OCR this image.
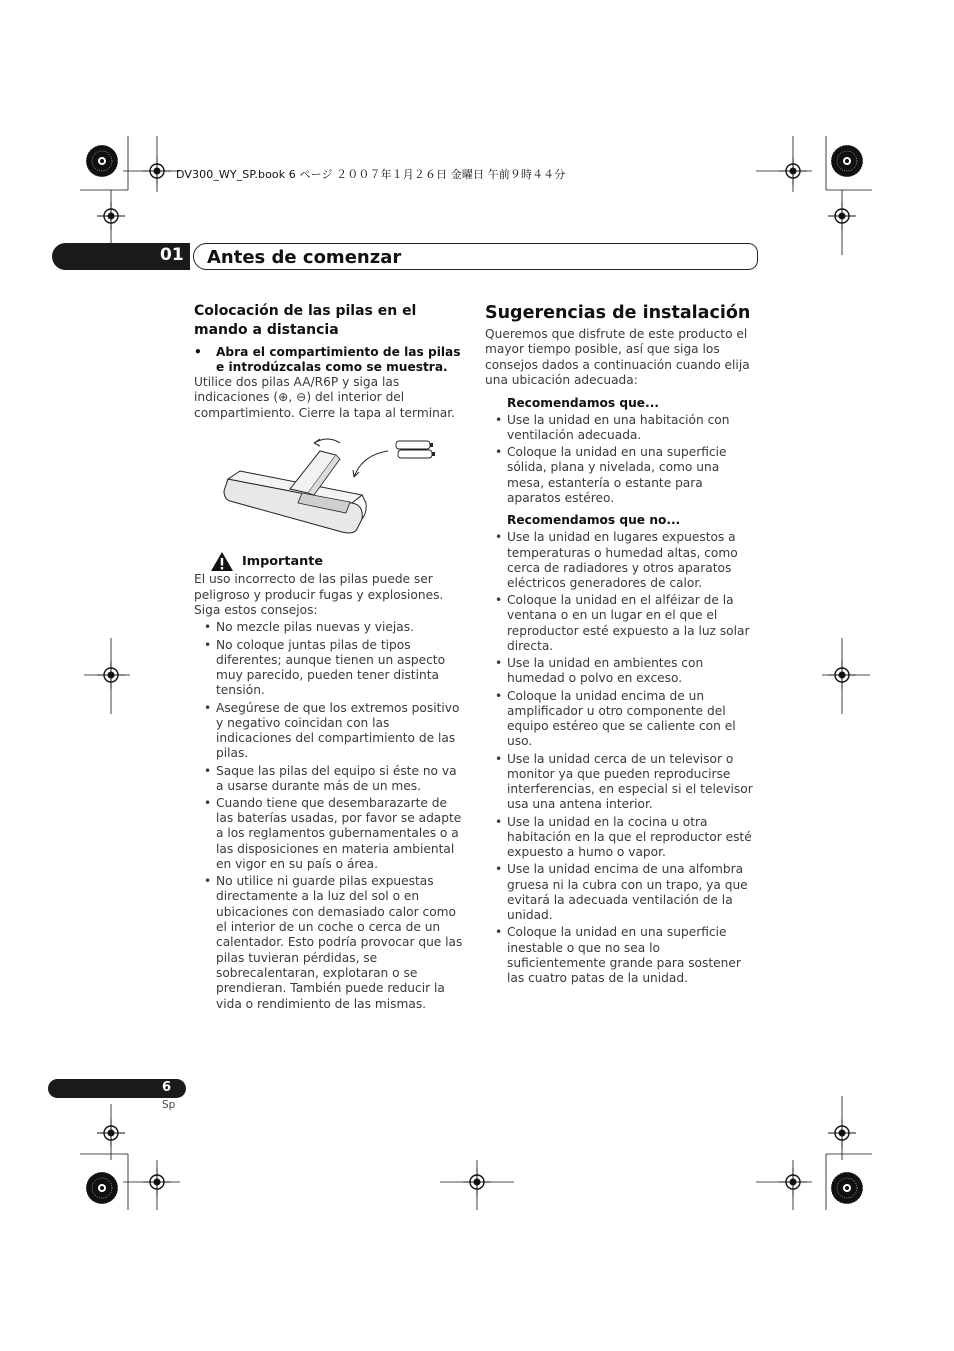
DV300_WY_SP.book 6 ページ ２００７年１月２６日 金曜日 午前９時４４分
01 Antes de comenzar
Colocación de las pilas en el mando a distancia
•	Abra el compartimiento de las pilas e introdúzcalas como se muestra.

Utilice dos pilas AA/R6P y siga las indicaciones (⊕, ⊖) del interior del compartimiento. Cierre la tapa al terminar.

Importante

El uso incorrecto de las pilas puede ser peligroso y producir fugas y explosiones. Siga estos consejos:

• No mezcle pilas nuevas y viejas.
• No coloque juntas pilas de tipos diferentes; aunque tienen un aspecto muy parecido, pueden tener distinta tensión.
• Asegúrese de que los extremos positivo y negativo coincidan con las indicaciones del compartimiento de las pilas.
• Saque las pilas del equipo si éste no va a usarse durante más de un mes.
• Cuando tiene que desembarazarte de las baterías usadas, por favor se adapte a los reglamentos gubernamentales o a las disposiciones en materia ambiental en vigor en su país o área.
• No utilice ni guarde pilas expuestas directamente a la luz del sol o en ubicaciones con demasiado calor como el interior de un coche o cerca de un calentador. Esto podría provocar que las pilas tuvieran pérdidas, se sobrecalentaran, explotaran o se prendieran. También puede reducir la vida o rendimiento de las mismas.
Sugerencias de instalación

Queremos que disfrute de este producto el mayor tiempo posible, así que siga los consejos dados a continuación cuando elija una ubicación adecuada:

Recomendamos que...
• Use la unidad en una habitación con ventilación adecuada.
• Coloque la unidad en una superficie sólida, plana y nivelada, como una mesa, estantería o estante para aparatos estéreo.
Recomendamos que no...
• Use la unidad en lugares expuestos a temperaturas o humedad altas, como cerca de radiadores y otros aparatos eléctricos generadores de calor.
• Coloque la unidad en el alféizar de la ventana o en un lugar en el que el reproductor esté expuesto a la luz solar directa.
• Use la unidad en ambientes con humedad o polvo en exceso.
• Coloque la unidad encima de un amplificador u otro componente del equipo estéreo que se caliente con el uso.
• Use la unidad cerca de un televisor o monitor ya que pueden reproducirse interferencias, en especial si el televisor usa una antena interior.
• Use la unidad en la cocina u otra habitación en la que el reproductor esté expuesto a humo o vapor.
• Use la unidad encima de una alfombra gruesa ni la cubra con un trapo, ya que evitará la adecuada ventilación de la unidad.
• Coloque la unidad en una superficie inestable o que no sea lo suficientemente grande para sostener las cuatro patas de la unidad.
6
Sp
